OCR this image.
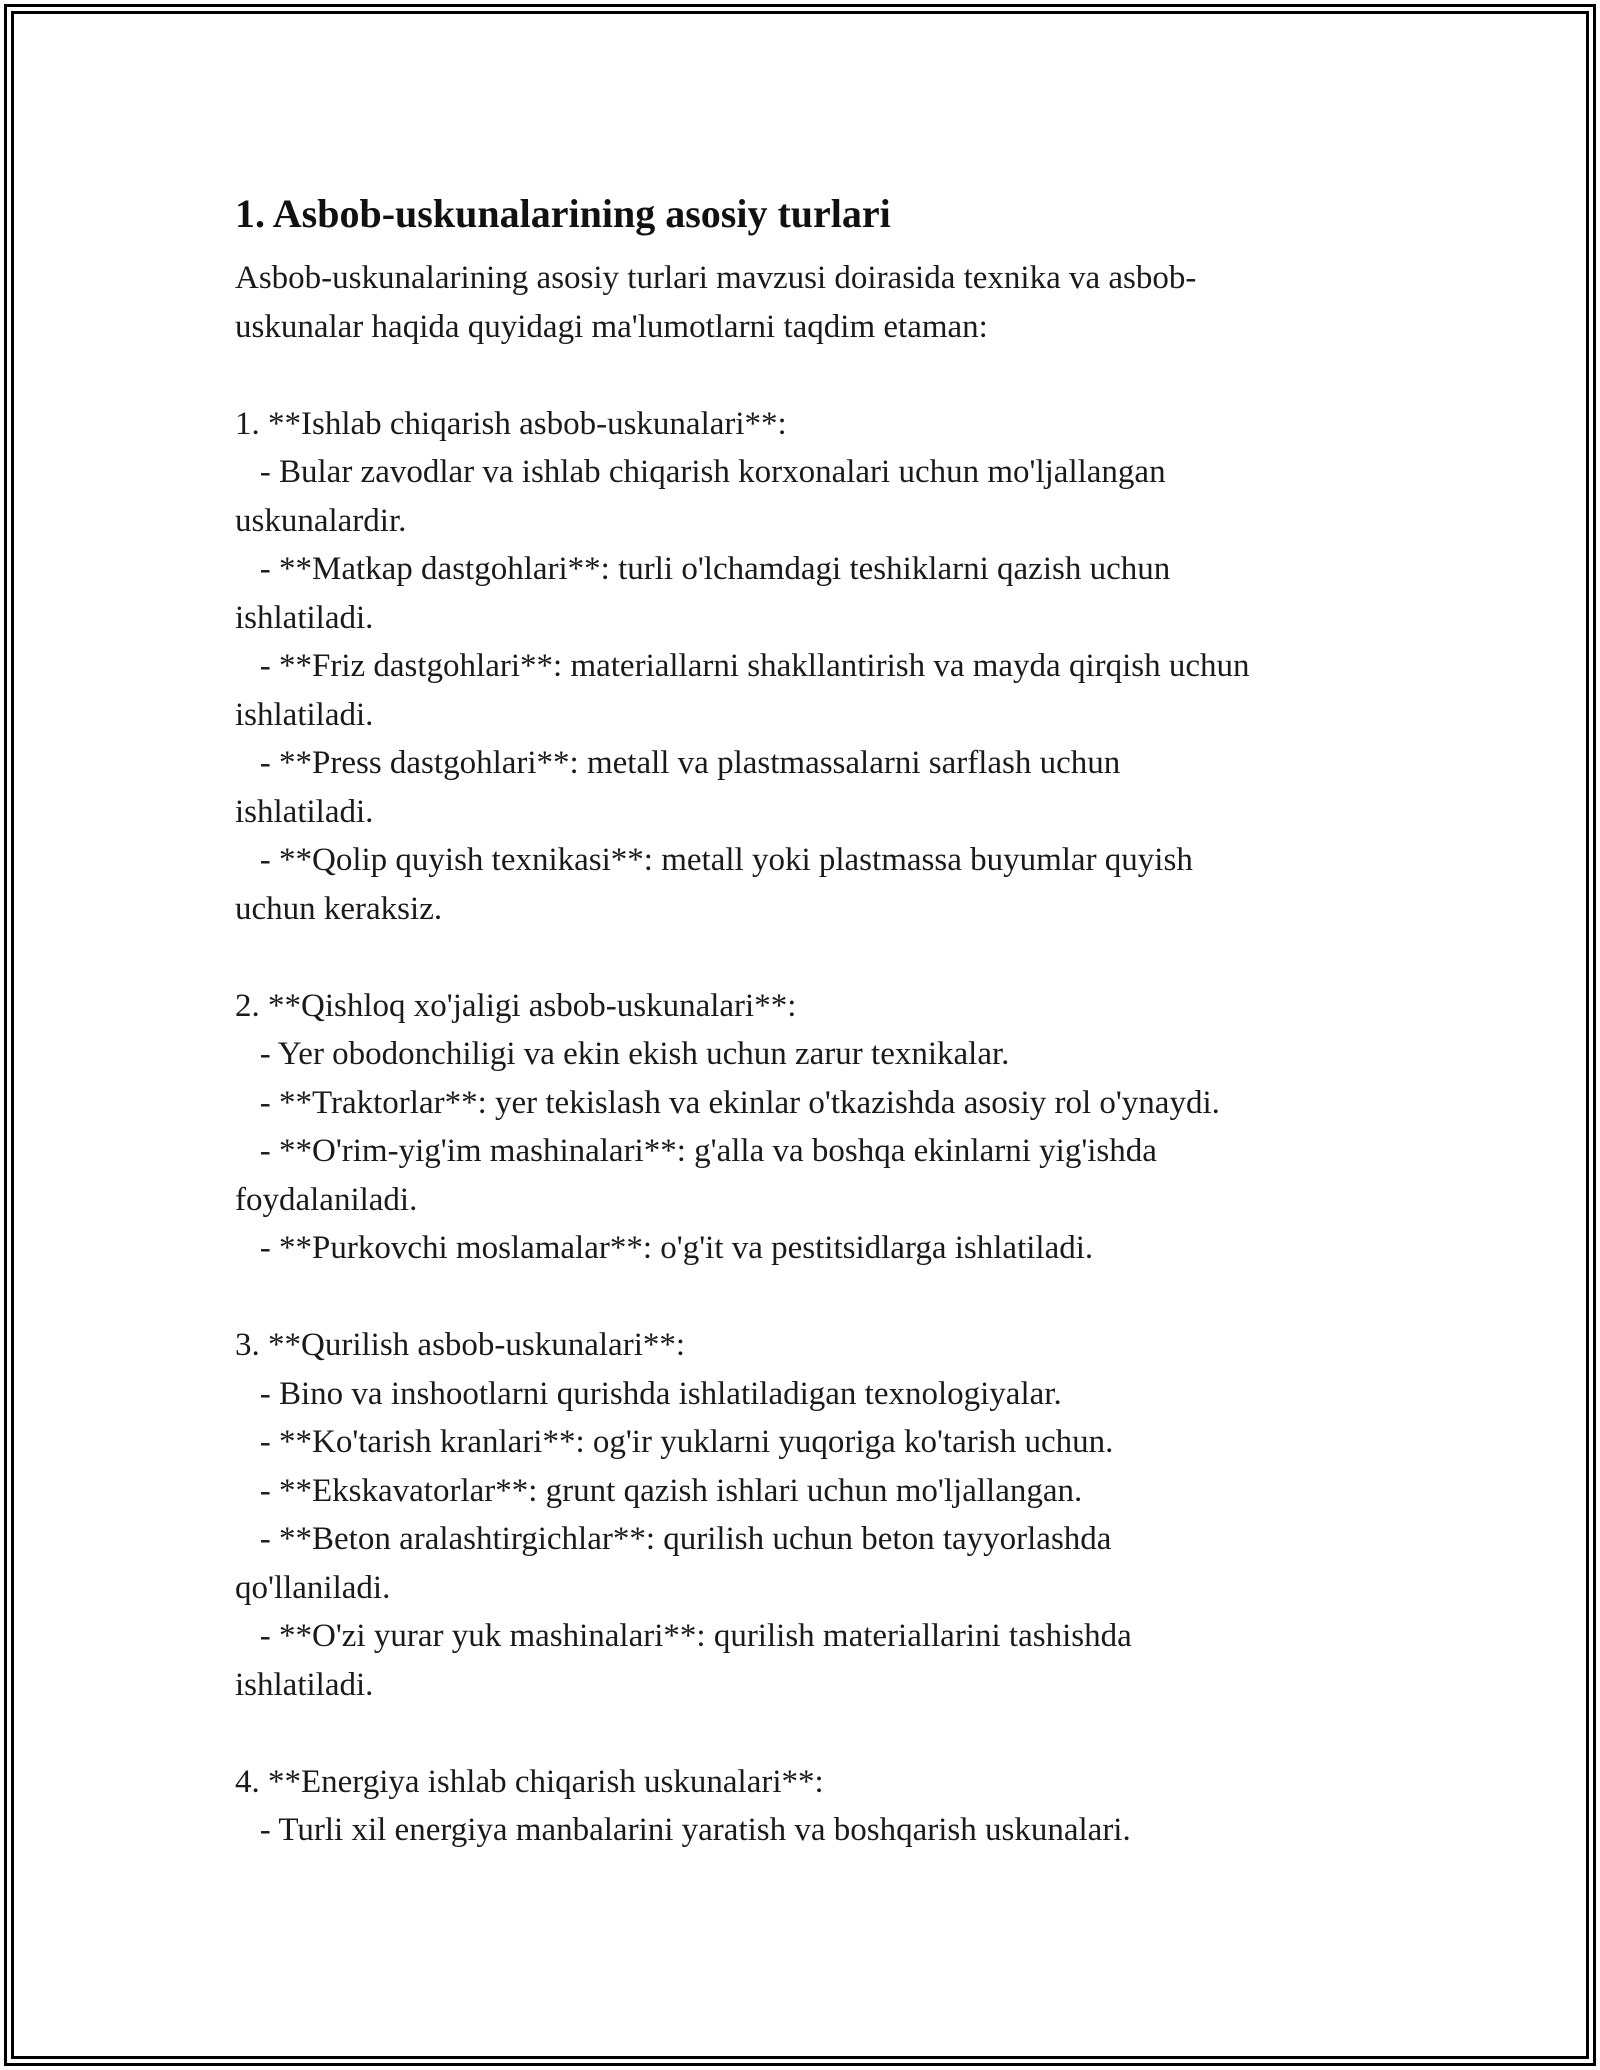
1. Asbob-uskunalarining asosiy turlari
Asbob-uskunalarining asosiy turlari mavzusi doirasida texnika va asbob-
uskunalar haqida quyidagi ma'lumotlarni taqdim etaman:
1. **Ishlab chiqarish asbob-uskunalari**:
- Bular zavodlar va ishlab chiqarish korxonalari uchun mo'ljallangan
uskunalardir.
- **Matkap dastgohlari**: turli o'lchamdagi teshiklarni qazish uchun
ishlatiladi.
- **Friz dastgohlari**: materiallarni shakllantirish va mayda qirqish uchun
ishlatiladi.
- **Press dastgohlari**: metall va plastmassalarni sarflash uchun
ishlatiladi.
- **Qolip quyish texnikasi**: metall yoki plastmassa buyumlar quyish
uchun keraksiz.
2. **Qishloq xo'jaligi asbob-uskunalari**:
- Yer obodonchiligi va ekin ekish uchun zarur texnikalar.
- **Traktorlar**: yer tekislash va ekinlar o'tkazishda asosiy rol o'ynaydi.
- **O'rim-yig'im mashinalari**: g'alla va boshqa ekinlarni yig'ishda
foydalaniladi.
- **Purkovchi moslamalar**: o'g'it va pestitsidlarga ishlatiladi.
3. **Qurilish asbob-uskunalari**:
- Bino va inshootlarni qurishda ishlatiladigan texnologiyalar.
- **Ko'tarish kranlari**: og'ir yuklarni yuqoriga ko'tarish uchun.
- **Ekskavatorlar**: grunt qazish ishlari uchun mo'ljallangan.
- **Beton aralashtirgichlar**: qurilish uchun beton tayyorlashda
qo'llaniladi.
- **O'zi yurar yuk mashinalari**: qurilish materiallarini tashishda
ishlatiladi.
4. **Energiya ishlab chiqarish uskunalari**:
- Turli xil energiya manbalarini yaratish va boshqarish uskunalari.
